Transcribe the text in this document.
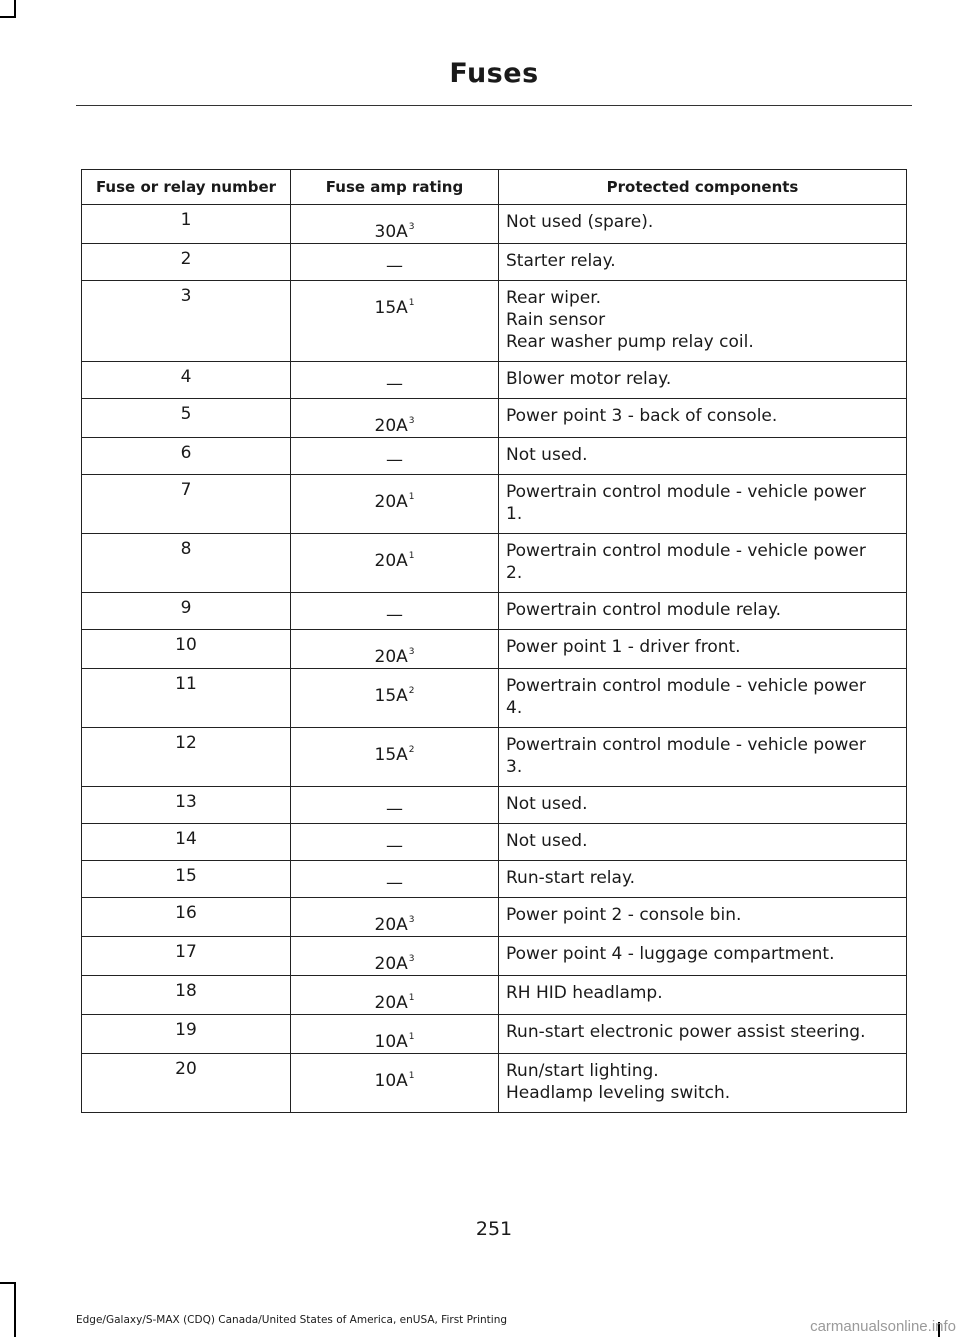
Fuses
Fuse or relay number	Fuse amp rating	Protected components
1	$30A^3$	Not used (spare).

2	—	Starter relay.

3	$15A^1$	Rear wiper.
Rain sensor
Rear washer pump relay coil.

4	—	Blower motor relay.

5	$20A^3$	Power point 3 - back of console.

6	—	Not used.

7	$20A^1$	Powertrain control module - vehicle power
1.

8	$20A^1$	Powertrain control module - vehicle power
2.

9	—	Powertrain control module relay.

10	$20A^3$	Power point 1 - driver front.

11	$15A^2$	Powertrain control module - vehicle power
4.

12	$15A^2$	Powertrain control module - vehicle power
3.

13	—	Not used.

14	—	Not used.

15	—	Run-start relay.

16	$20A^3$	Power point 2 - console bin.

17	$20A^3$	Power point 4 - luggage compartment.

18	$20A^1$	RH HID headlamp.

19	$10A^1$	Run-start electronic power assist steering.

20	$10A^1$	Run/start lighting.
Headlamp leveling switch.
251
Edge/Galaxy/S-MAX (CDQ) Canada/United States of America, enUSA, First Printing	carmanualsonline.info
